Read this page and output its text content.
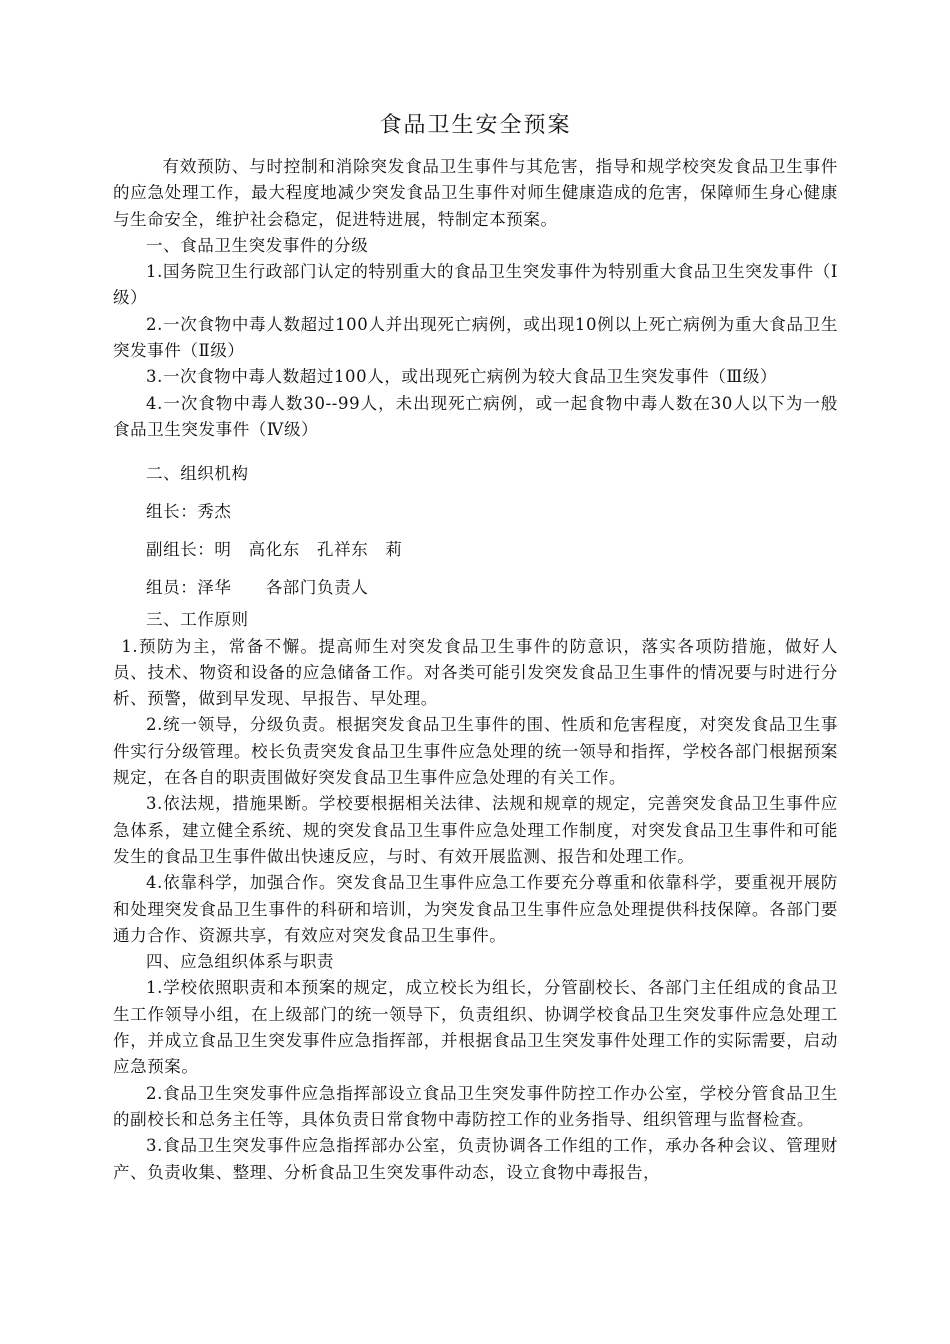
食品卫生安全预案

有效预防、与时控制和消除突发食品卫生事件与其危害，指导和规学校突发食品卫生事件的应急处理工作，最大程度地减少突发食品卫生事件对师生健康造成的危害，保障师生身心健康与生命安全，维护社会稳定，促进特进展，特制定本预案。

一、食品卫生突发事件的分级

1.国务院卫生行政部门认定的特别重大的食品卫生突发事件为特别重大食品卫生突发事件（Ⅰ级）

2.一次食物中毒人数超过100人并出现死亡病例，或出现10例以上死亡病例为重大食品卫生突发事件（Ⅱ级）

3.一次食物中毒人数超过100人，或出现死亡病例为较大食品卫生突发事件（Ⅲ级）

4.一次食物中毒人数30--99人，未出现死亡病例，或一起食物中毒人数在30人以下为一般食品卫生突发事件（Ⅳ级）

二、组织机构

组长：秀杰

副组长：明　高化东　孔祥东　莉

组员：泽华　　各部门负责人

三、工作原则

1.预防为主，常备不懈。提高师生对突发食品卫生事件的防意识，落实各项防措施，做好人员、技术、物资和设备的应急储备工作。对各类可能引发突发食品卫生事件的情况要与时进行分析、预警，做到早发现、早报告、早处理。

2.统一领导，分级负责。根据突发食品卫生事件的围、性质和危害程度，对突发食品卫生事件实行分级管理。校长负责突发食品卫生事件应急处理的统一领导和指挥，学校各部门根据预案规定，在各自的职责围做好突发食品卫生事件应急处理的有关工作。

3.依法规，措施果断。学校要根据相关法律、法规和规章的规定，完善突发食品卫生事件应急体系，建立健全系统、规的突发食品卫生事件应急处理工作制度，对突发食品卫生事件和可能发生的食品卫生事件做出快速反应，与时、有效开展监测、报告和处理工作。

4.依靠科学，加强合作。突发食品卫生事件应急工作要充分尊重和依靠科学，要重视开展防和处理突发食品卫生事件的科研和培训，为突发食品卫生事件应急处理提供科技保障。各部门要通力合作、资源共享，有效应对突发食品卫生事件。

四、应急组织体系与职责

1.学校依照职责和本预案的规定，成立校长为组长，分管副校长、各部门主任组成的食品卫生工作领导小组，在上级部门的统一领导下，负责组织、协调学校食品卫生突发事件应急处理工作，并成立食品卫生突发事件应急指挥部，并根据食品卫生突发事件处理工作的实际需要，启动应急预案。

2.食品卫生突发事件应急指挥部设立食品卫生突发事件防控工作办公室，学校分管食品卫生的副校长和总务主任等，具体负责日常食物中毒防控工作的业务指导、组织管理与监督检查。

3.食品卫生突发事件应急指挥部办公室，负责协调各工作组的工作，承办各种会议、管理财产、负责收集、整理、分析食品卫生突发事件动态，设立食物中毒报告，
